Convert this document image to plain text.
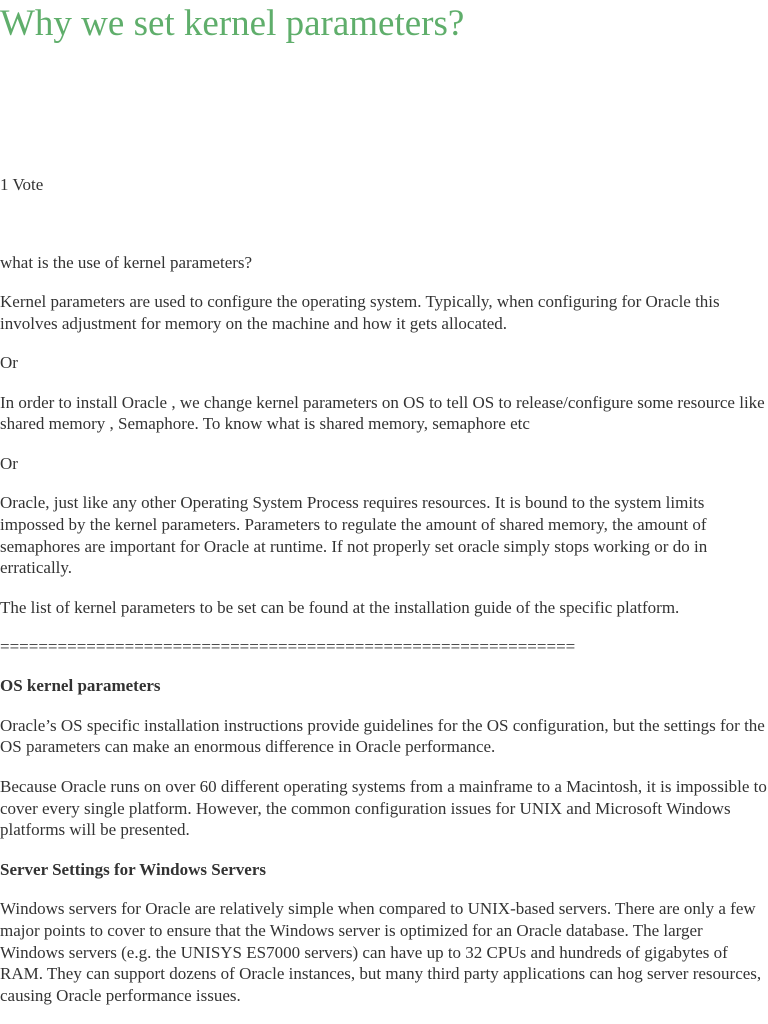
Why we set kernel parameters?

1 Vote

what is the use of kernel parameters?

Kernel parameters are used to configure the operating system. Typically, when configuring for Oracle this involves adjustment for memory on the machine and how it gets allocated.

Or

In order to install Oracle , we change kernel parameters on OS to tell OS to release/configure some resource like shared memory , Semaphore. To know what is shared memory, semaphore etc

Or

Oracle, just like any other Operating System Process requires resources. It is bound to the system limits impossed by the kernel parameters. Parameters to regulate the amount of shared memory, the amount of semaphores are important for Oracle at runtime. If not properly set oracle simply stops working or do in erratically.

The list of kernel parameters to be set can be found at the installation guide of the specific platform.

============================================================

OS kernel parameters

Oracle’s OS specific installation instructions provide guidelines for the OS configuration, but the settings for the OS parameters can make an enormous difference in Oracle performance.

Because Oracle runs on over 60 different operating systems from a mainframe to a Macintosh, it is impossible to cover every single platform. However, the common configuration issues for UNIX and Microsoft Windows platforms will be presented.

Server Settings for Windows Servers

Windows servers for Oracle are relatively simple when compared to UNIX-based servers. There are only a few major points to cover to ensure that the Windows server is optimized for an Oracle database. The larger Windows servers (e.g. the UNISYS ES7000 servers) can have up to 32 CPUs and hundreds of gigabytes of RAM. They can support dozens of Oracle instances, but many third party applications can hog server resources, causing Oracle performance issues.
